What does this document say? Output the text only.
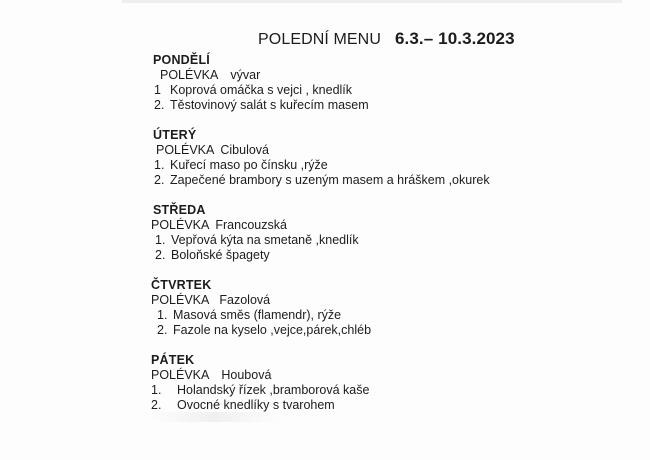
POLEDNÍ MENU 6.3.– 10.3.2023
PONDĚLÍ
POLÉVKA vývar
1 Koprová omáčka s vejci , knedlík
2. Těstovinový salát s kuřecím masem
ÚTERÝ
POLÉVKA Cibulová
1. Kuřecí maso po čínsku ,rýže
2. Zapečené brambory s uzeným masem a hráškem ,okurek
STŘEDA
POLÉVKA Francouzská
1. Vepřová kýta na smetaně ,knedlík
2. Boloňské špagety
ČTVRTEK
POLÉVKA Fazolová
1. Masová směs (flamendr), rýže
2. Fazole na kyselo ,vejce,párek,chléb
PÁTEK
POLÉVKA Houbová
1. Holandský řízek ,bramborová kaše
2. Ovocné knedlíky s tvarohem
